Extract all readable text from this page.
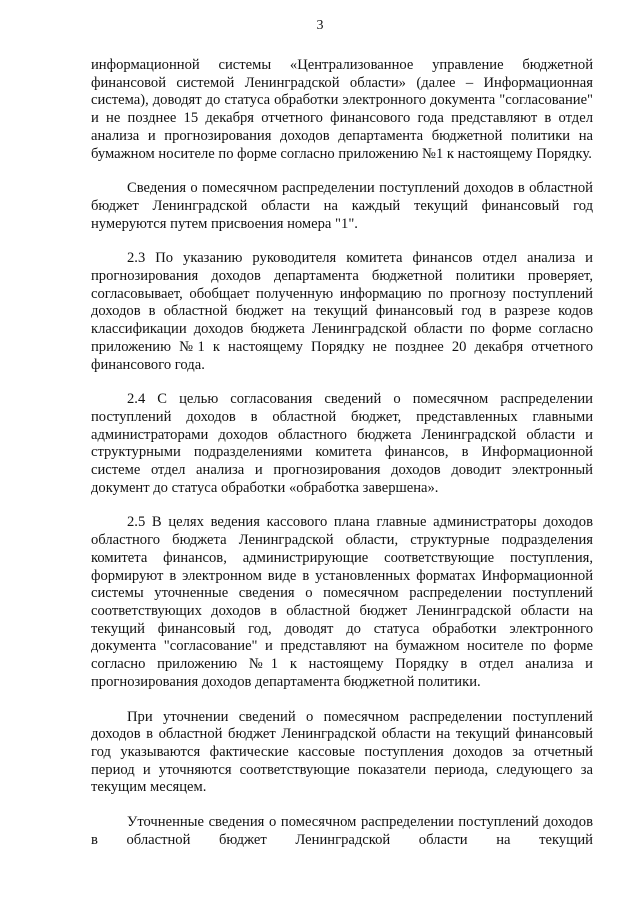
3

информационной системы «Централизованное управление бюджетной финансовой системой Ленинградской области» (далее – Информационная система), доводят до статуса обработки электронного документа "согласование" и не позднее 15 декабря отчетного финансового года представляют в отдел анализа и прогнозирования доходов департамента бюджетной политики на бумажном носителе по форме согласно приложению №1 к настоящему Порядку.

Сведения о помесячном распределении поступлений доходов в областной бюджет Ленинградской области на каждый текущий финансовый год нумеруются путем присвоения номера "1".

2.3 По указанию руководителя комитета финансов отдел анализа и прогнозирования доходов департамента бюджетной политики проверяет, согласовывает, обобщает полученную информацию по прогнозу поступлений доходов в областной бюджет на текущий финансовый год в разрезе кодов классификации доходов бюджета Ленинградской области по форме согласно приложению №1 к настоящему Порядку не позднее 20 декабря отчетного финансового года.

2.4 С целью согласования сведений о помесячном распределении поступлений доходов в областной бюджет, представленных главными администраторами доходов областного бюджета Ленинградской области и структурными подразделениями комитета финансов, в Информационной системе отдел анализа и прогнозирования доходов доводит электронный документ до статуса обработки «обработка завершена».

2.5 В целях ведения кассового плана главные администраторы доходов областного бюджета Ленинградской области, структурные подразделения комитета финансов, администрирующие соответствующие поступления, формируют в электронном виде в установленных форматах Информационной системы уточненные сведения о помесячном распределении поступлений соответствующих доходов в областной бюджет Ленинградской области на текущий финансовый год, доводят до статуса обработки электронного документа "согласование" и представляют на бумажном носителе по форме согласно приложению №1 к настоящему Порядку в отдел анализа и прогнозирования доходов департамента бюджетной политики.

При уточнении сведений о помесячном распределении поступлений доходов в областной бюджет Ленинградской области на текущий финансовый год указываются фактические кассовые поступления доходов за отчетный период и уточняются соответствующие показатели периода, следующего за текущим месяцем.

Уточненные сведения о помесячном распределении поступлений доходов в областной бюджет Ленинградской области на текущий
